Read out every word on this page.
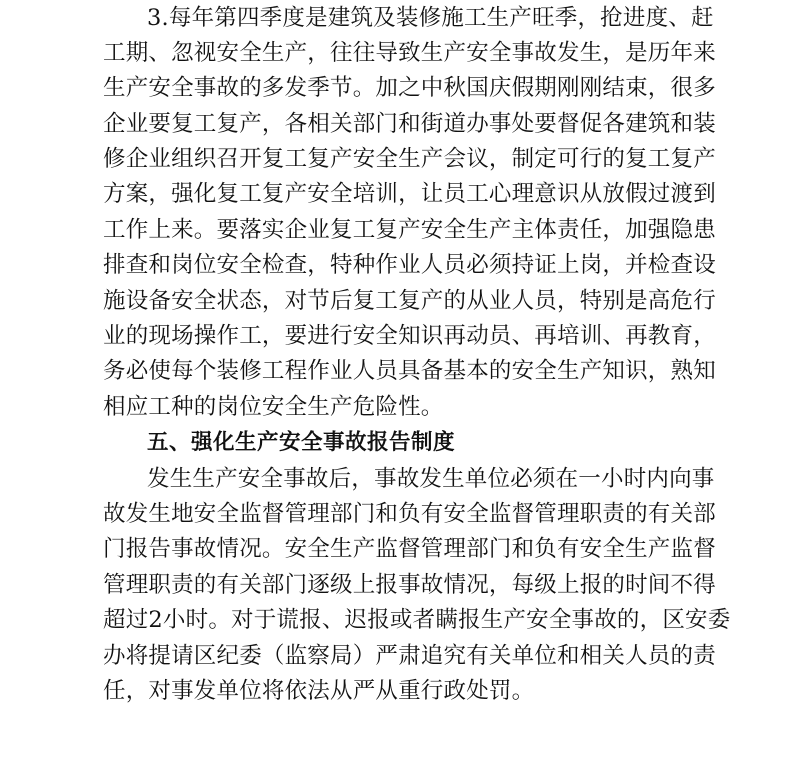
3.每年第四季度是建筑及装修施工生产旺季，抢进度、赶
工期、忽视安全生产，往往导致生产安全事故发生，是历年来
生产安全事故的多发季节。加之中秋国庆假期刚刚结束，很多
企业要复工复产，各相关部门和街道办事处要督促各建筑和装
修企业组织召开复工复产安全生产会议，制定可行的复工复产
方案，强化复工复产安全培训，让员工心理意识从放假过渡到
工作上来。要落实企业复工复产安全生产主体责任，加强隐患
排查和岗位安全检查，特种作业人员必须持证上岗，并检查设
施设备安全状态，对节后复工复产的从业人员，特别是高危行
业的现场操作工，要进行安全知识再动员、再培训、再教育，
务必使每个装修工程作业人员具备基本的安全生产知识，熟知
相应工种的岗位安全生产危险性。
五、强化生产安全事故报告制度
发生生产安全事故后，事故发生单位必须在一小时内向事
故发生地安全监督管理部门和负有安全监督管理职责的有关部
门报告事故情况。安全生产监督管理部门和负有安全生产监督
管理职责的有关部门逐级上报事故情况，每级上报的时间不得
超过2小时。对于谎报、迟报或者瞒报生产安全事故的，区安委
办将提请区纪委（监察局）严肃追究有关单位和相关人员的责
任，对事发单位将依法从严从重行政处罚。
